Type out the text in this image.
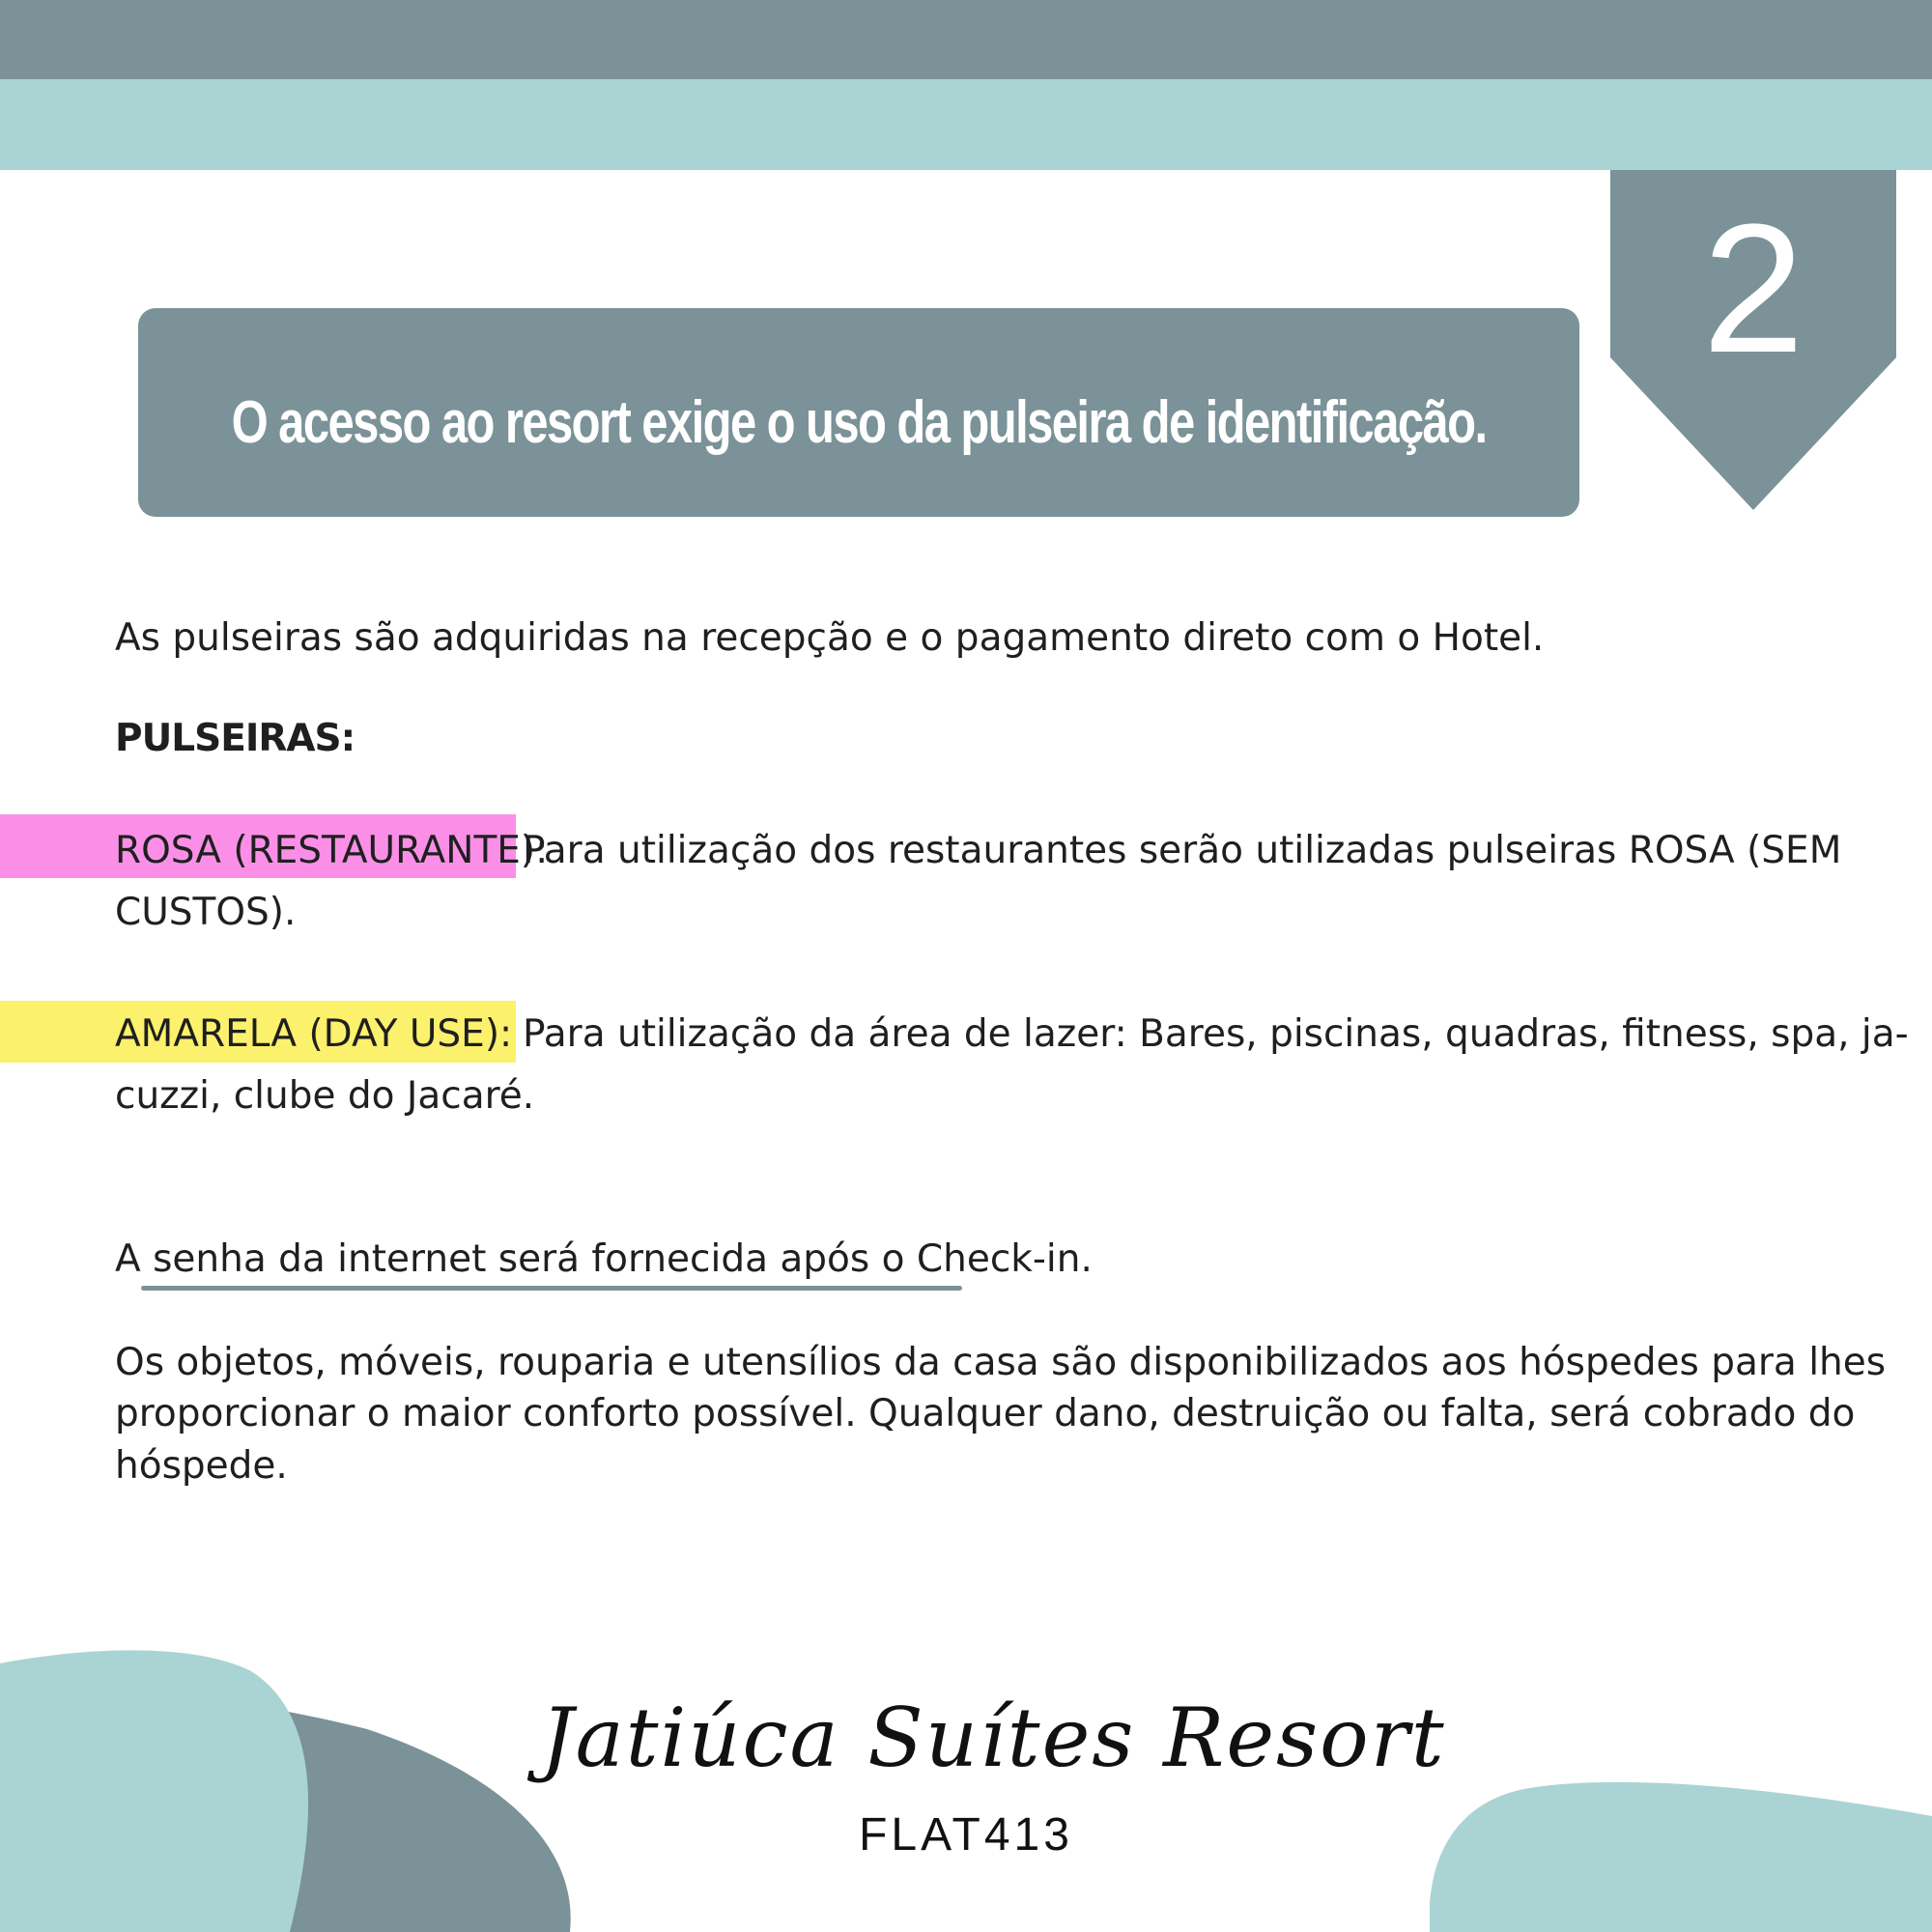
2
O acesso ao resort exige o uso da pulseira de identificação.
As pulseiras são adquiridas na recepção e o pagamento direto com o Hotel.
PULSEIRAS:
ROSA (RESTAURANTE):
Para utilização dos restaurantes serão utilizadas pulseiras ROSA (SEM
CUSTOS).
AMARELA (DAY USE): Para utilização da área de lazer: Bares, piscinas, quadras, fitness, spa, ja-
cuzzi, clube do Jacaré.
A senha da internet será fornecida após o Check-in.
Os objetos, móveis, rouparia e utensílios da casa são disponibilizados aos hóspedes para lhes
proporcionar o maior conforto possível. Qualquer dano, destruição ou falta, será cobrado do
hóspede.
Jatiúca Suítes Resort
FLAT413
